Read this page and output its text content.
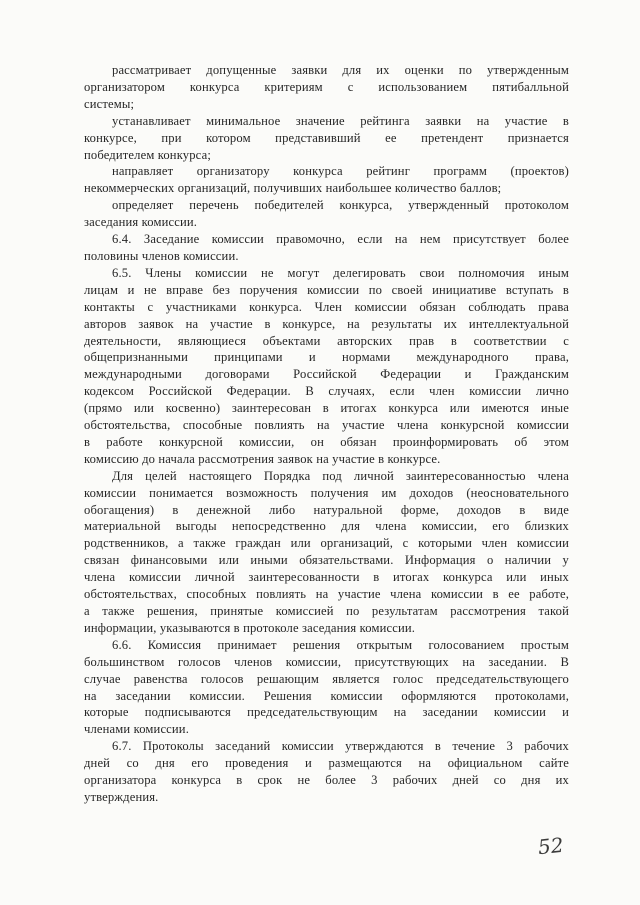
рассматривает допущенные заявки для их оценки по утвержденным
организатором конкурса критериям с использованием пятибалльной
системы;
устанавливает минимальное значение рейтинга заявки на участие в
конкурсе, при котором представивший ее претендент признается
победителем конкурса;
направляет организатору конкурса рейтинг программ (проектов)
некоммерческих организаций, получивших наибольшее количество баллов;
определяет перечень победителей конкурса, утвержденный протоколом
заседания комиссии.
6.4. Заседание комиссии правомочно, если на нем присутствует более
половины членов комиссии.
6.5. Члены комиссии не могут делегировать свои полномочия иным
лицам и не вправе без поручения комиссии по своей инициативе вступать в
контакты с участниками конкурса. Член комиссии обязан соблюдать права
авторов заявок на участие в конкурсе, на результаты их интеллектуальной
деятельности, являющиеся объектами авторских прав в соответствии с
общепризнанными принципами и нормами международного права,
международными договорами Российской Федерации и Гражданским
кодексом Российской Федерации. В случаях, если член комиссии лично
(прямо или косвенно) заинтересован в итогах конкурса или имеются иные
обстоятельства, способные повлиять на участие члена конкурсной комиссии
в работе конкурсной комиссии, он обязан проинформировать об этом
комиссию до начала рассмотрения заявок на участие в конкурсе.
Для целей настоящего Порядка под личной заинтересованностью члена
комиссии понимается возможность получения им доходов (неосновательного
обогащения) в денежной либо натуральной форме, доходов в виде
материальной выгоды непосредственно для члена комиссии, его близких
родственников, а также граждан или организаций, с которыми член комиссии
связан финансовыми или иными обязательствами. Информация о наличии у
члена комиссии личной заинтересованности в итогах конкурса или иных
обстоятельствах, способных повлиять на участие члена комиссии в ее работе,
а также решения, принятые комиссией по результатам рассмотрения такой
информации, указываются в протоколе заседания комиссии.
6.6. Комиссия принимает решения открытым голосованием простым
большинством голосов членов комиссии, присутствующих на заседании. В
случае равенства голосов решающим является голос председательствующего
на заседании комиссии. Решения комиссии оформляются протоколами,
которые подписываются председательствующим на заседании комиссии и
членами комиссии.
6.7. Протоколы заседаний комиссии утверждаются в течение 3 рабочих
дней со дня его проведения и размещаются на официальном сайте
организатора конкурса в срок не более 3 рабочих дней со дня их
утверждения.
52
